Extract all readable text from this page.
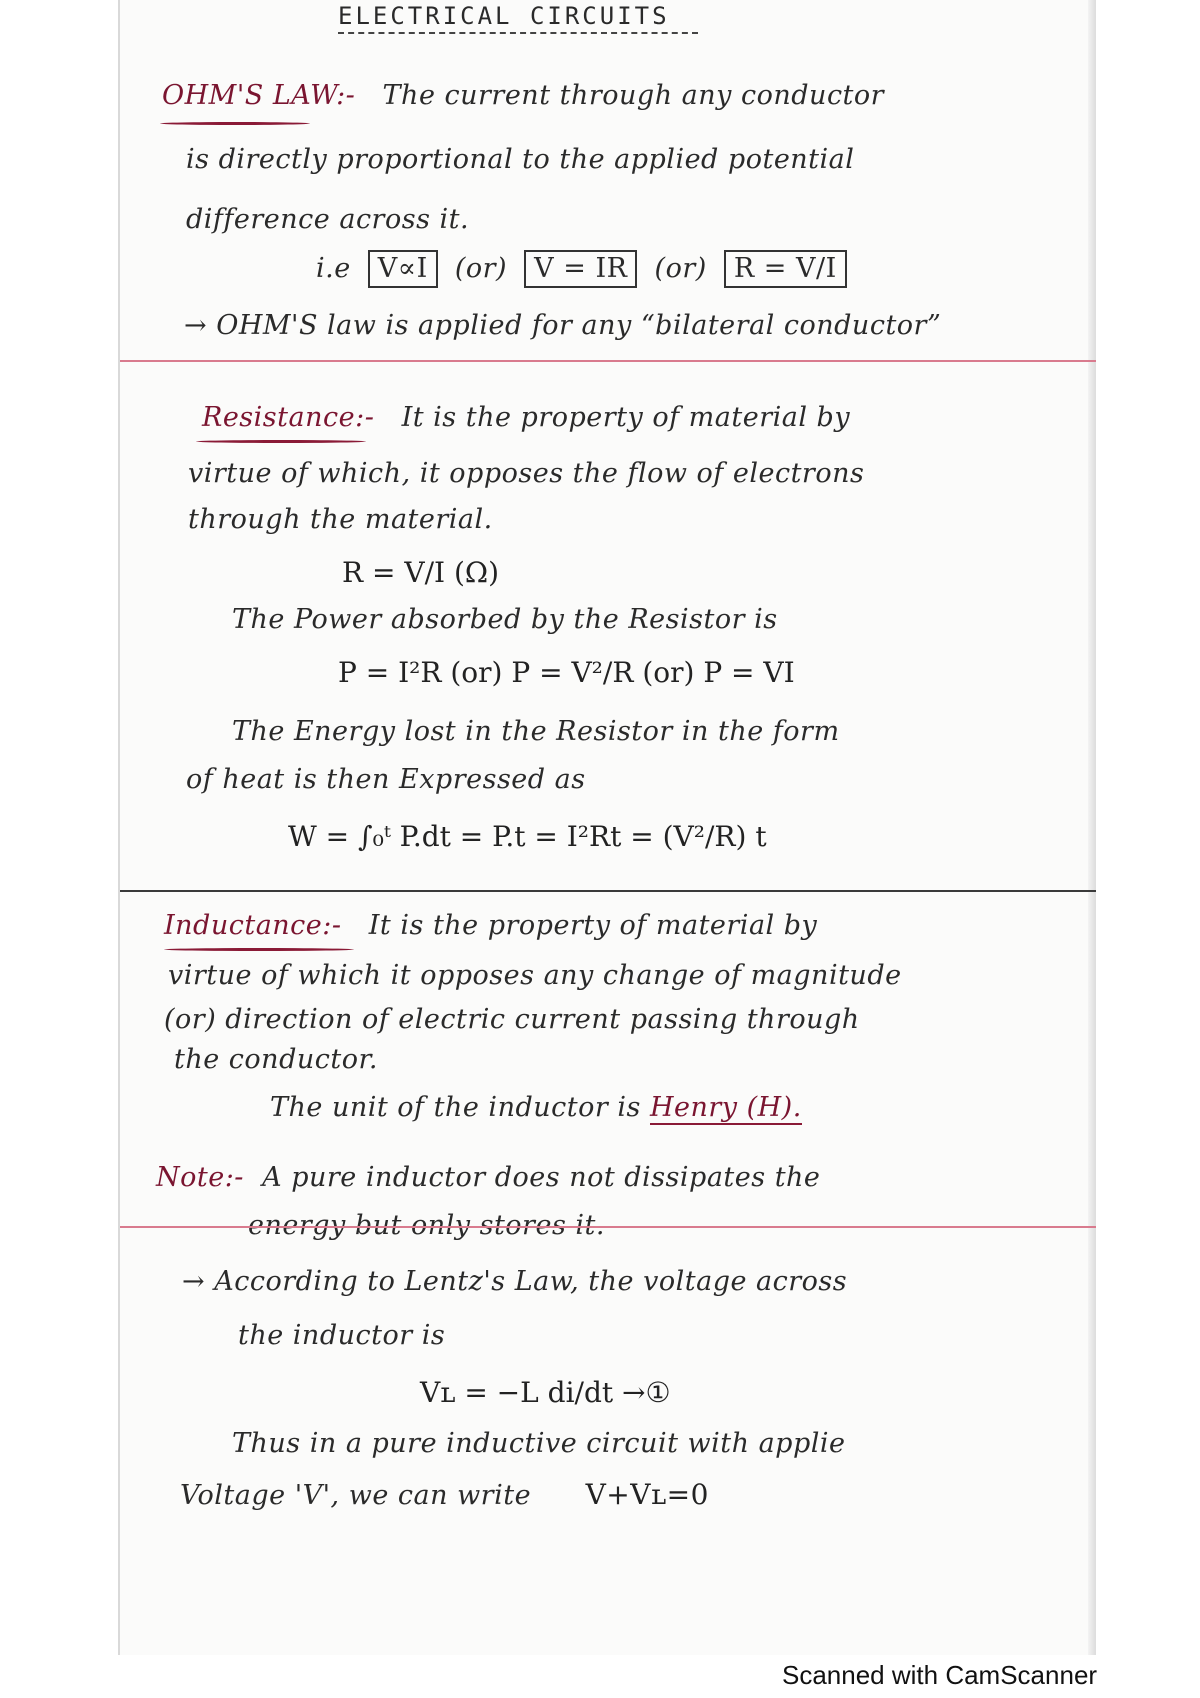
ELECTRICAL CIRCUITS
OHM'S LAW:- The current through any conductor
is directly proportional to the applied potential
difference across it.
i.e V∝I (or) V = IR (or) R = V/I
→ OHM'S law is applied for any “bilateral conductor”
Resistance:- It is the property of material by
virtue of which, it opposes the flow of electrons
through the material.
R = V/I (Ω)
The Power absorbed by the Resistor is
P = I²R (or) P = V²/R (or) P = VI
The Energy lost in the Resistor in the form
of heat is then Expressed as
W = ∫₀ᵗ P.dt = P.t = I²Rt = (V²/R) t
Inductance:- It is the property of material by
virtue of which it opposes any change of magnitude
(or) direction of electric current passing through
the conductor.
The unit of the inductor is Henry (H).
Note:- A pure inductor does not dissipates the
energy but only stores it.
→ According to Lentz's Law, the voltage across
the inductor is
Vʟ = −L di/dt →①
Thus in a pure inductive circuit with applie
Voltage 'V', we can write V+Vʟ=0
Scanned with CamScanner
